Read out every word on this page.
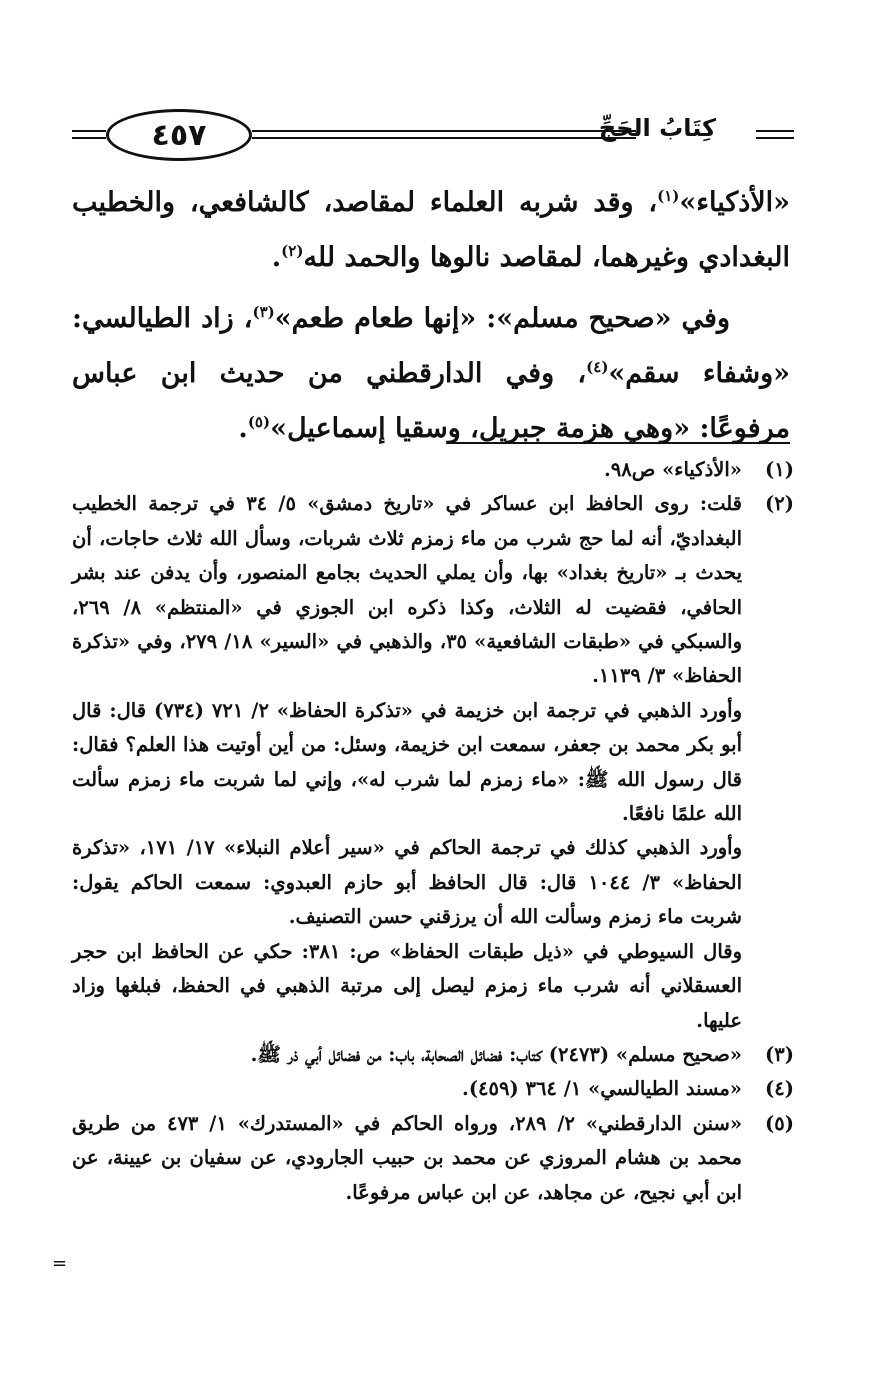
٤٥٧	كِتَابُ الحَجِّ

«الأذكياء»$^{(١)}$، وقد شربه العلماء لمقاصد، كالشافعي، والخطيب البغدادي وغيرهما، لمقاصد نالوها والحمد لله$^{(٢)}$.

وفي «صحيح مسلم»: «إنها طعام طعم»$^{(٣)}$، زاد الطيالسي: «وشفاء سقم»$^{(٤)}$، وفي الدارقطني من حديث ابن عباس مرفوعًا: «وهي هزمة جبريل، وسقيا إسماعيل»$^{(٥)}$.

(١)

«الأذكياء» ص٩٨.

(٢)

قلت: روى الحافظ ابن عساكر في «تاريخ دمشق» ٥/ ٣٤ في ترجمة الخطيب البغداديّ، أنه لما حج شرب من ماء زمزم ثلاث شربات، وسأل الله ثلاث حاجات، أن يحدث بـ «تاريخ بغداد» بها، وأن يملي الحديث بجامع المنصور، وأن يدفن عند بشر الحافي، فقضيت له الثلاث، وكذا ذكره ابن الجوزي في «المنتظم» ٨/ ٢٦٩، والسبكي في «طبقات الشافعية» ٣٥، والذهبي في «السير» ١٨/ ٢٧٩، وفي «تذكرة الحفاظ» ٣/ ١١٣٩.

وأورد الذهبي في ترجمة ابن خزيمة في «تذكرة الحفاظ» ٢/ ٧٢١ (٧٣٤) قال: قال أبو بكر محمد بن جعفر، سمعت ابن خزيمة، وسئل: من أين أوتيت هذا العلم؟ فقال: قال رسول الله ﷺ: «ماء زمزم لما شرب له»، وإني لما شربت ماء زمزم سألت الله علمًا نافعًا.

وأورد الذهبي كذلك في ترجمة الحاكم في «سير أعلام النبلاء» ١٧/ ١٧١، «تذكرة الحفاظ» ٣/ ١٠٤٤ قال: قال الحافظ أبو حازم العبدوي: سمعت الحاكم يقول: شربت ماء زمزم وسألت الله أن يرزقني حسن التصنيف.

وقال السيوطي في «ذيل طبقات الحفاظ» ص: ٣٨١: حكي عن الحافظ ابن حجر العسقلاني أنه شرب ماء زمزم ليصل إلى مرتبة الذهبي في الحفظ، فبلغها وزاد عليها.

(٣)

«صحيح مسلم» (٢٤٧٣) كتاب: فضائل الصحابة، باب: من فضائل أبي ذر ﷺ.

(٤)

«مسند الطيالسي» ١/ ٣٦٤ (٤٥٩).

(٥)

«سنن الدارقطني» ٢/ ٢٨٩، ورواه الحاكم في «المستدرك» ١/ ٤٧٣ من طريق محمد بن هشام المروزي عن محمد بن حبيب الجارودي، عن سفيان بن عيينة، عن ابن أبي نجيح، عن مجاهد، عن ابن عباس مرفوعًا.

=
